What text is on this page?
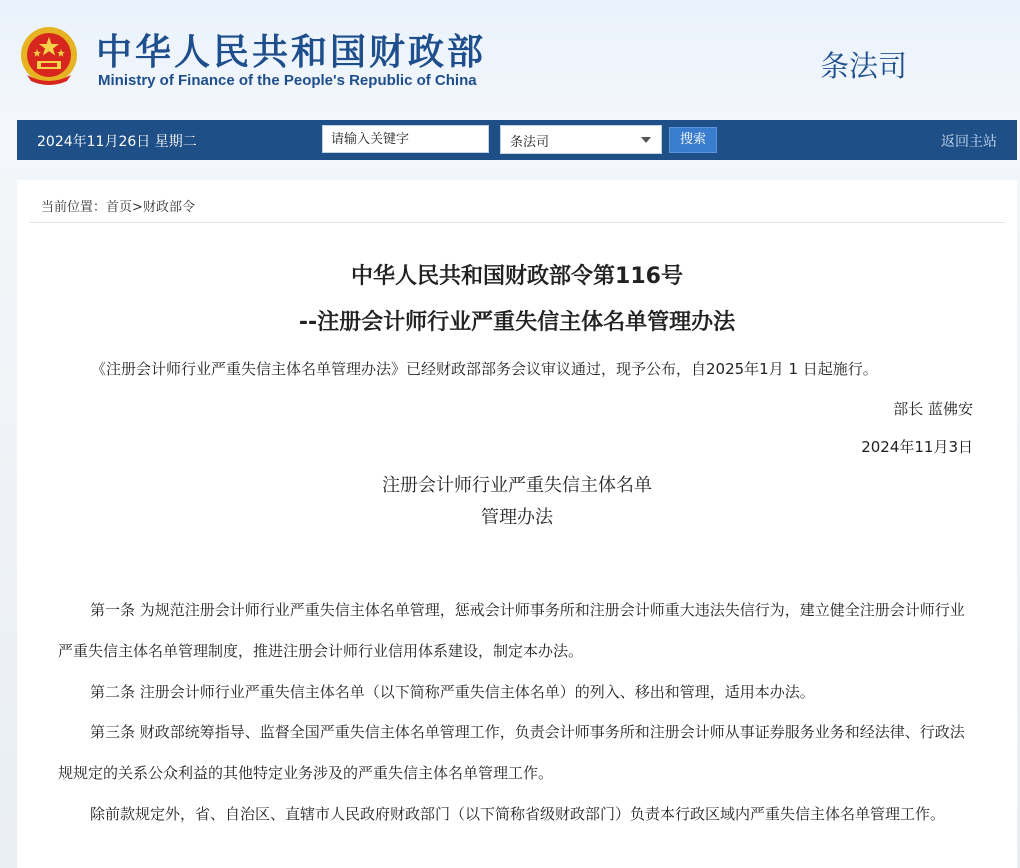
中华人民共和国财政部
Ministry of Finance of the People's Republic of China	条法司
2024年11月26日 星期二
请输入关键字	条法司	搜索	返回主站
当前位置：首页>财政部令
中华人民共和国财政部令第116号
--注册会计师行业严重失信主体名单管理办法
《注册会计师行业严重失信主体名单管理办法》已经财政部部务会议审议通过，现予公布，自2025年1月 1 日起施行。
部长 蓝佛安
2024年11月3日
注册会计师行业严重失信主体名单
管理办法
第一条 为规范注册会计师行业严重失信主体名单管理，惩戒会计师事务所和注册会计师重大违法失信行为，建立健全注册会计师行业严重失信主体名单管理制度，推进注册会计师行业信用体系建设，制定本办法。
第二条 注册会计师行业严重失信主体名单（以下简称严重失信主体名单）的列入、移出和管理，适用本办法。
第三条 财政部统筹指导、监督全国严重失信主体名单管理工作，负责会计师事务所和注册会计师从事证券服务业务和经法律、行政法规规定的关系公众利益的其他特定业务涉及的严重失信主体名单管理工作。
除前款规定外，省、自治区、直辖市人民政府财政部门（以下简称省级财政部门）负责本行政区域内严重失信主体名单管理工作。
